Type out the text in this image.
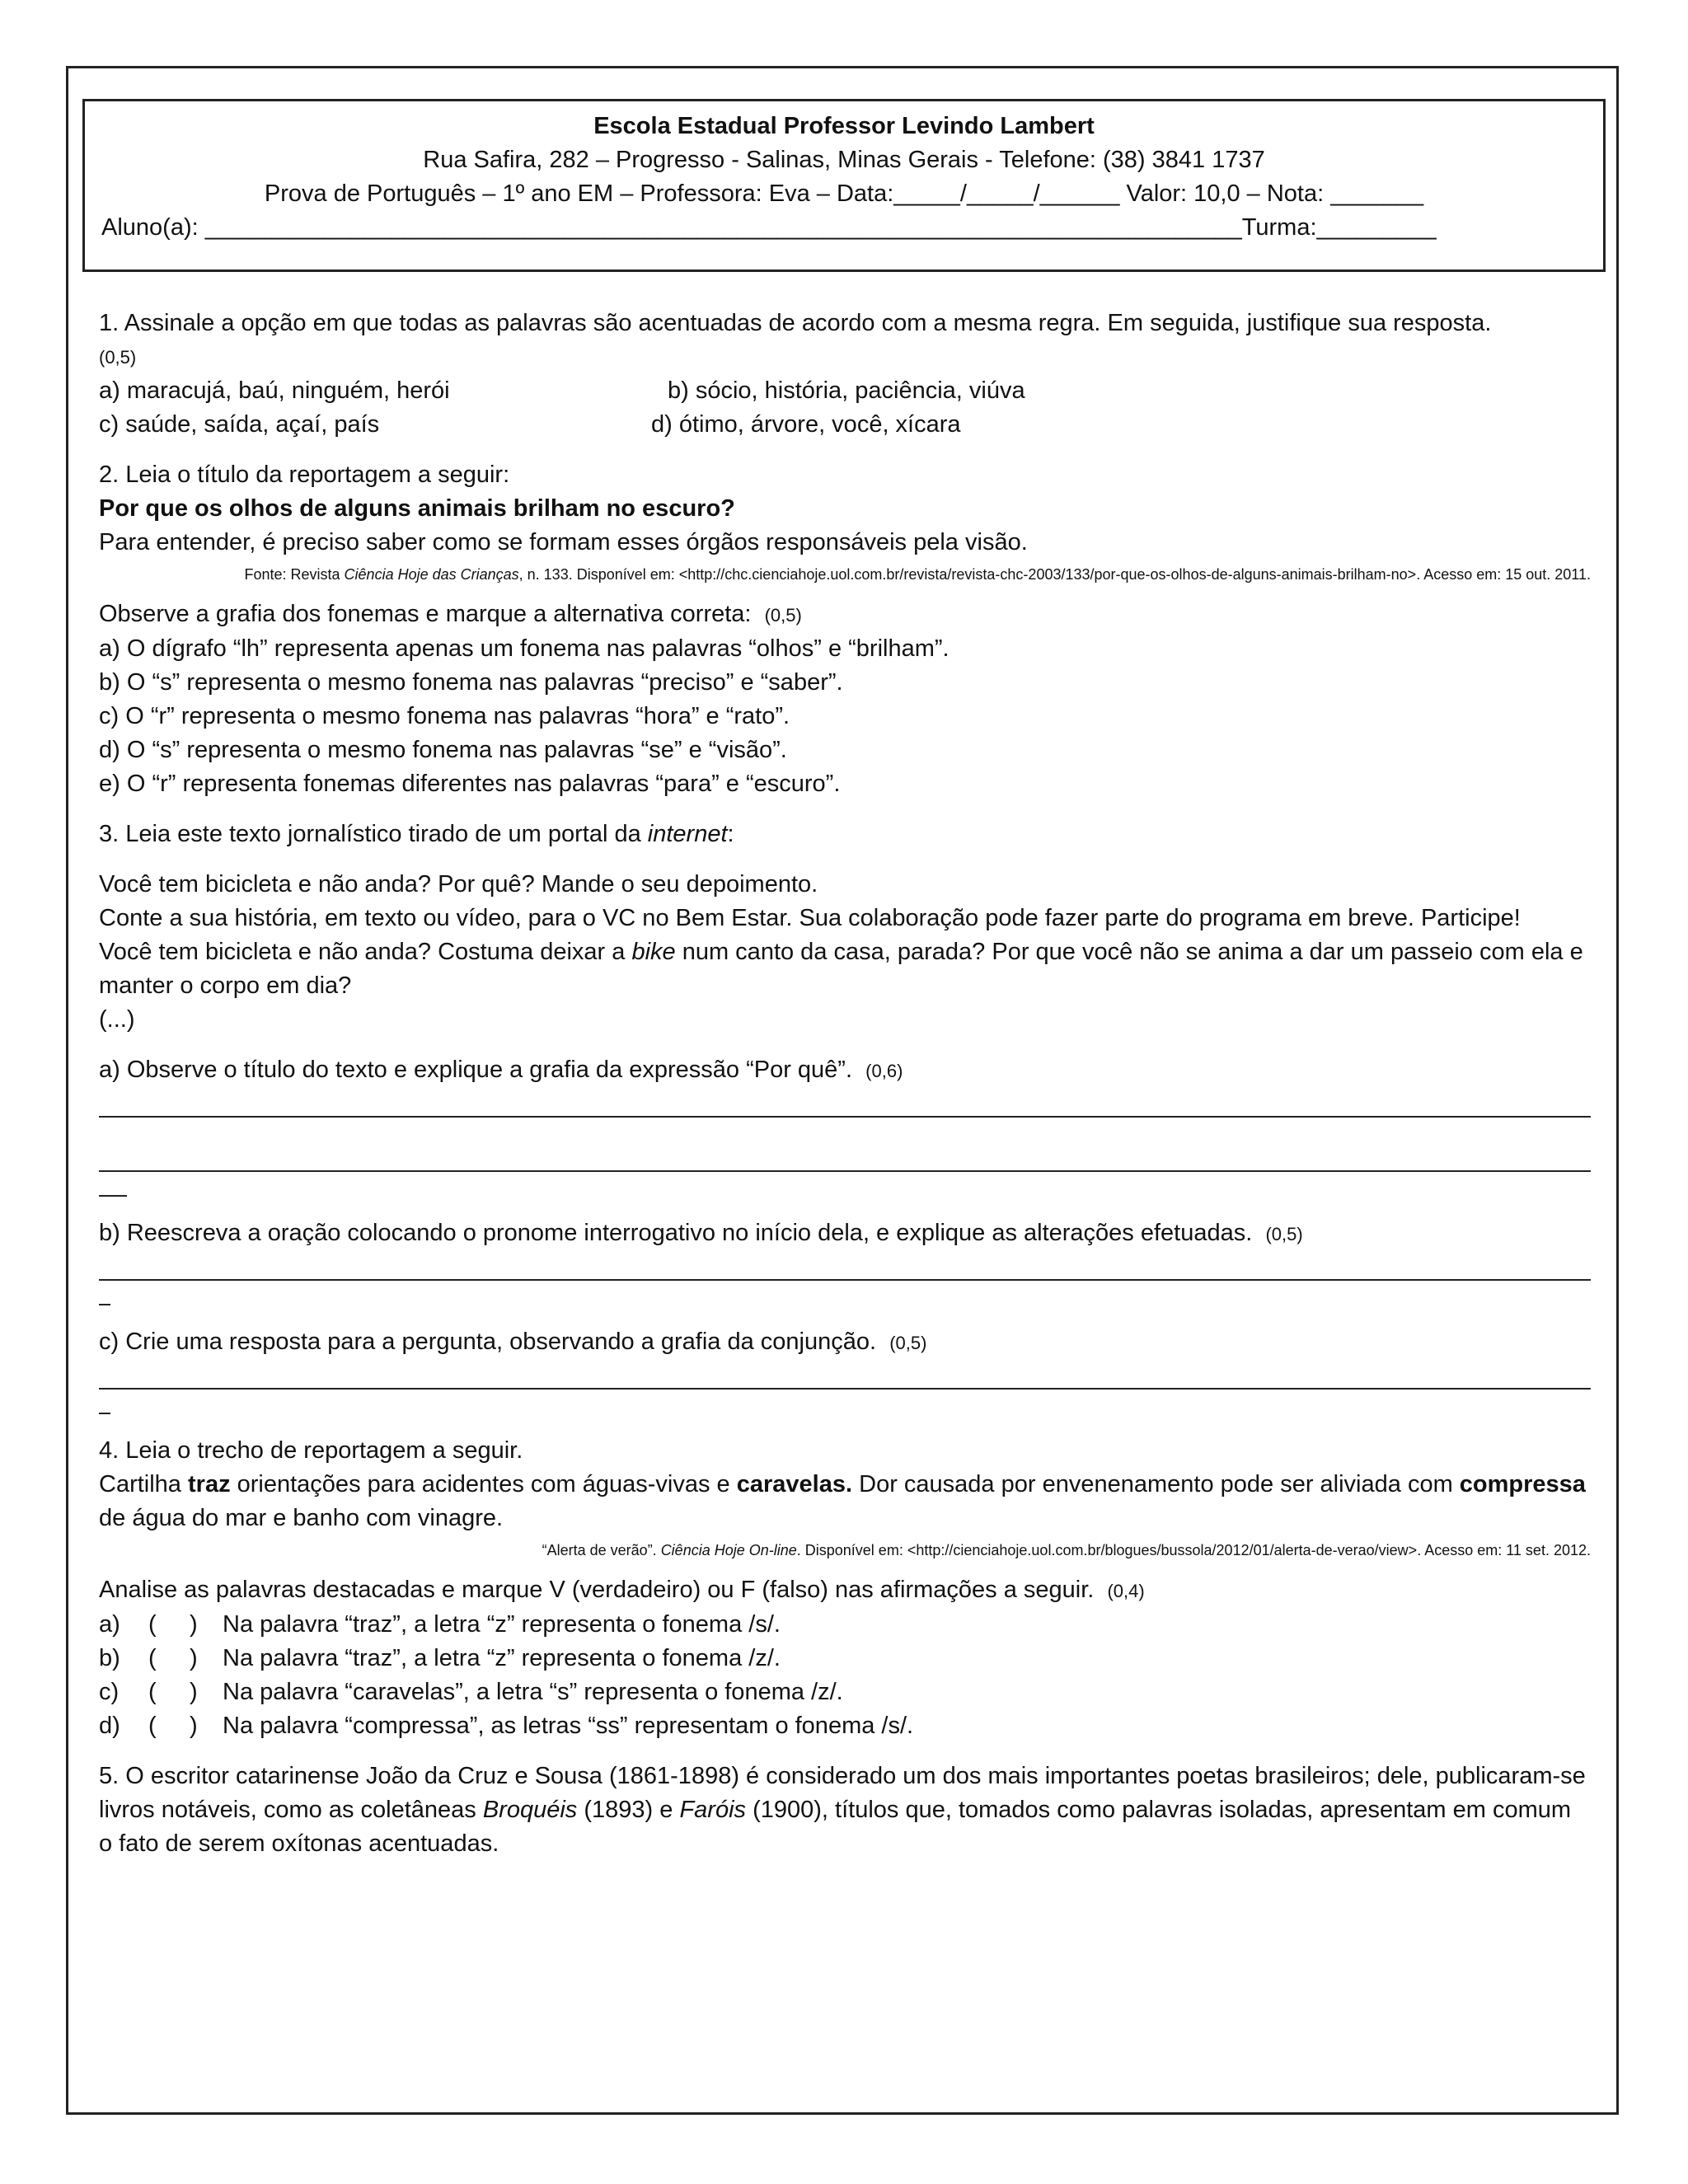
Escola Estadual Professor Levindo Lambert
Rua Safira, 282 – Progresso - Salinas, Minas Gerais - Telefone: (38) 3841 1737
Prova de Português – 1º ano EM – Professora: Eva – Data:_____/_____/______ Valor: 10,0 – Nota: _______
Aluno(a): ______________________________________________________________________________Turma:_________
1. Assinale a opção em que todas as palavras são acentuadas de acordo com a mesma regra. Em seguida, justifique sua resposta.
(0,5)
a) maracujá, baú, ninguém, herói	b) sócio, história, paciência, viúva
c) saúde, saída, açaí, país	d) ótimo, árvore, você, xícara
2. Leia o título da reportagem a seguir:
Por que os olhos de alguns animais brilham no escuro?
Para entender, é preciso saber como se formam esses órgãos responsáveis pela visão.
Fonte: Revista Ciência Hoje das Crianças, n. 133. Disponível em: <http://chc.cienciahoje.uol.com.br/revista/revista-chc-2003/133/por-que-os-olhos-de-alguns-animais-brilham-no>. Acesso em: 15 out. 2011.
Observe a grafia dos fonemas e marque a alternativa correta: (0,5)
a) O dígrafo “lh” representa apenas um fonema nas palavras “olhos” e “brilham”.
b) O “s” representa o mesmo fonema nas palavras “preciso” e “saber”.
c) O “r” representa o mesmo fonema nas palavras “hora” e “rato”.
d) O “s” representa o mesmo fonema nas palavras “se” e “visão”.
e) O “r” representa fonemas diferentes nas palavras “para” e “escuro”.
3. Leia este texto jornalístico tirado de um portal da internet:
Você tem bicicleta e não anda? Por quê? Mande o seu depoimento.
Conte a sua história, em texto ou vídeo, para o VC no Bem Estar. Sua colaboração pode fazer parte do programa em breve. Participe!
Você tem bicicleta e não anda? Costuma deixar a bike num canto da casa, parada? Por que você não se anima a dar um passeio com ela e manter o corpo em dia?
(...)
a) Observe o título do texto e explique a grafia da expressão “Por quê”. (0,6)
b) Reescreva a oração colocando o pronome interrogativo no início dela, e explique as alterações efetuadas. (0,5)
c) Crie uma resposta para a pergunta, observando a grafia da conjunção. (0,5)
4. Leia o trecho de reportagem a seguir.
Cartilha traz orientações para acidentes com águas-vivas e caravelas. Dor causada por envenenamento pode ser aliviada com compressa de água do mar e banho com vinagre.
“Alerta de verão”. Ciência Hoje On-line. Disponível em: <http://cienciahoje.uol.com.br/blogues/bussola/2012/01/alerta-de-verao/view>. Acesso em: 11 set. 2012.
Analise as palavras destacadas e marque V (verdadeiro) ou F (falso) nas afirmações a seguir. (0,4)
a)	(     )	Na palavra “traz”, a letra “z” representa o fonema /s/.
b)	(     )	Na palavra “traz”, a letra “z” representa o fonema /z/.
c)	(     )	Na palavra “caravelas”, a letra “s” representa o fonema /z/.
d)	(     )	Na palavra “compressa”, as letras “ss” representam o fonema /s/.
5. O escritor catarinense João da Cruz e Sousa (1861-1898) é considerado um dos mais importantes poetas brasileiros; dele, publicaram-se livros notáveis, como as coletâneas Broquéis (1893) e Faróis (1900), títulos que, tomados como palavras isoladas, apresentam em comum o fato de serem oxítonas acentuadas.
